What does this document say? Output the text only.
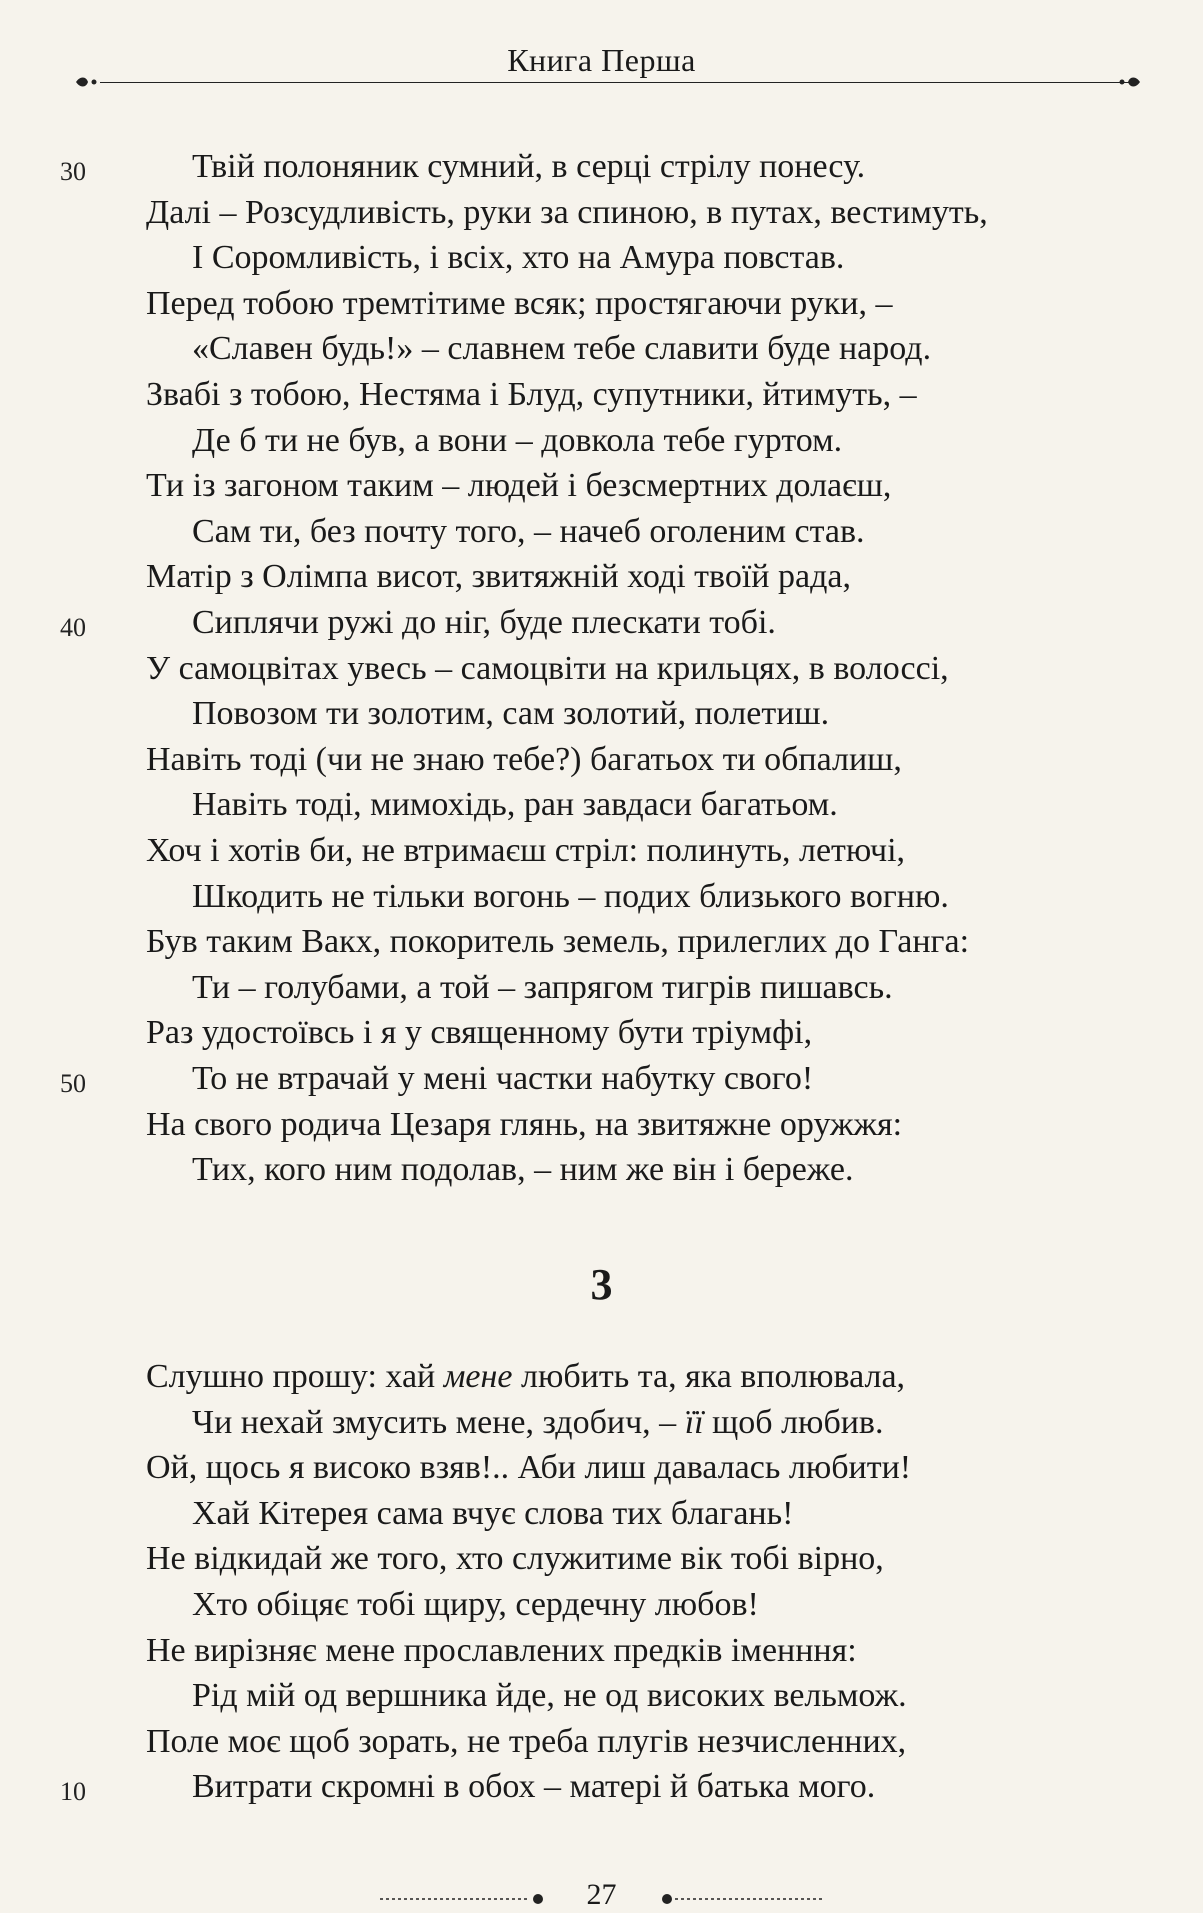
Книга Перша
Твій полоняник сумний, в серці стрілу понесу.
Далі – Розсудливість, руки за спиною, в путах, вестимуть,
І Соромливість, і всіх, хто на Амура повстав.
Перед тобою тремтітиме всяк; простягаючи руки, –
«Славен будь!» – славнем тебе славити буде народ.
Звабі з тобою, Нестяма і Блуд, супутники, йтимуть, –
Де б ти не був, а вони – довкола тебе гуртом.
Ти із загоном таким – людей і безсмертних долаєш,
Сам ти, без почту того, – начеб оголеним став.
Матір з Олімпа висот, звитяжній ході твоїй рада,
Сиплячи ружі до ніг, буде плескати тобі.
У самоцвітах увесь – самоцвіти на крильцях, в волоссі,
Повозом ти золотим, сам золотий, полетиш.
Навіть тоді (чи не знаю тебе?) багатьох ти обпалиш,
Навіть тоді, мимохідь, ран завдаси багатьом.
Хоч і хотів би, не втримаєш стріл: полинуть, летючі,
Шкодить не тільки вогонь – подих близького вогню.
Був таким Вакх, покоритель земель, прилеглих до Ганга:
Ти – голубами, а той – запрягом тигрів пишавсь.
Раз удостоївсь і я у священному бути тріумфі,
То не втрачай у мені частки набутку свого!
На свого родича Цезаря глянь, на звитяжне оружжя:
Тих, кого ним подолав, – ним же він і береже.
30
40
50
3
Слушно прошу: хай мене любить та, яка вполювала,
Чи нехай змусить мене, здобич, – її щоб любив.
Ой, щось я високо взяв!.. Аби лиш давалась любити!
Хай Кітерея сама вчує слова тих благань!
Не відкидай же того, хто служитиме вік тобі вірно,
Хто обіцяє тобі щиру, сердечну любов!
Не вирізняє мене прославлених предків іменння:
Рід мій од вершника йде, не од високих вельмож.
Поле моє щоб зорать, не треба плугів незчисленних,
Витрати скромні в обох – матері й батька мого.
10
27
